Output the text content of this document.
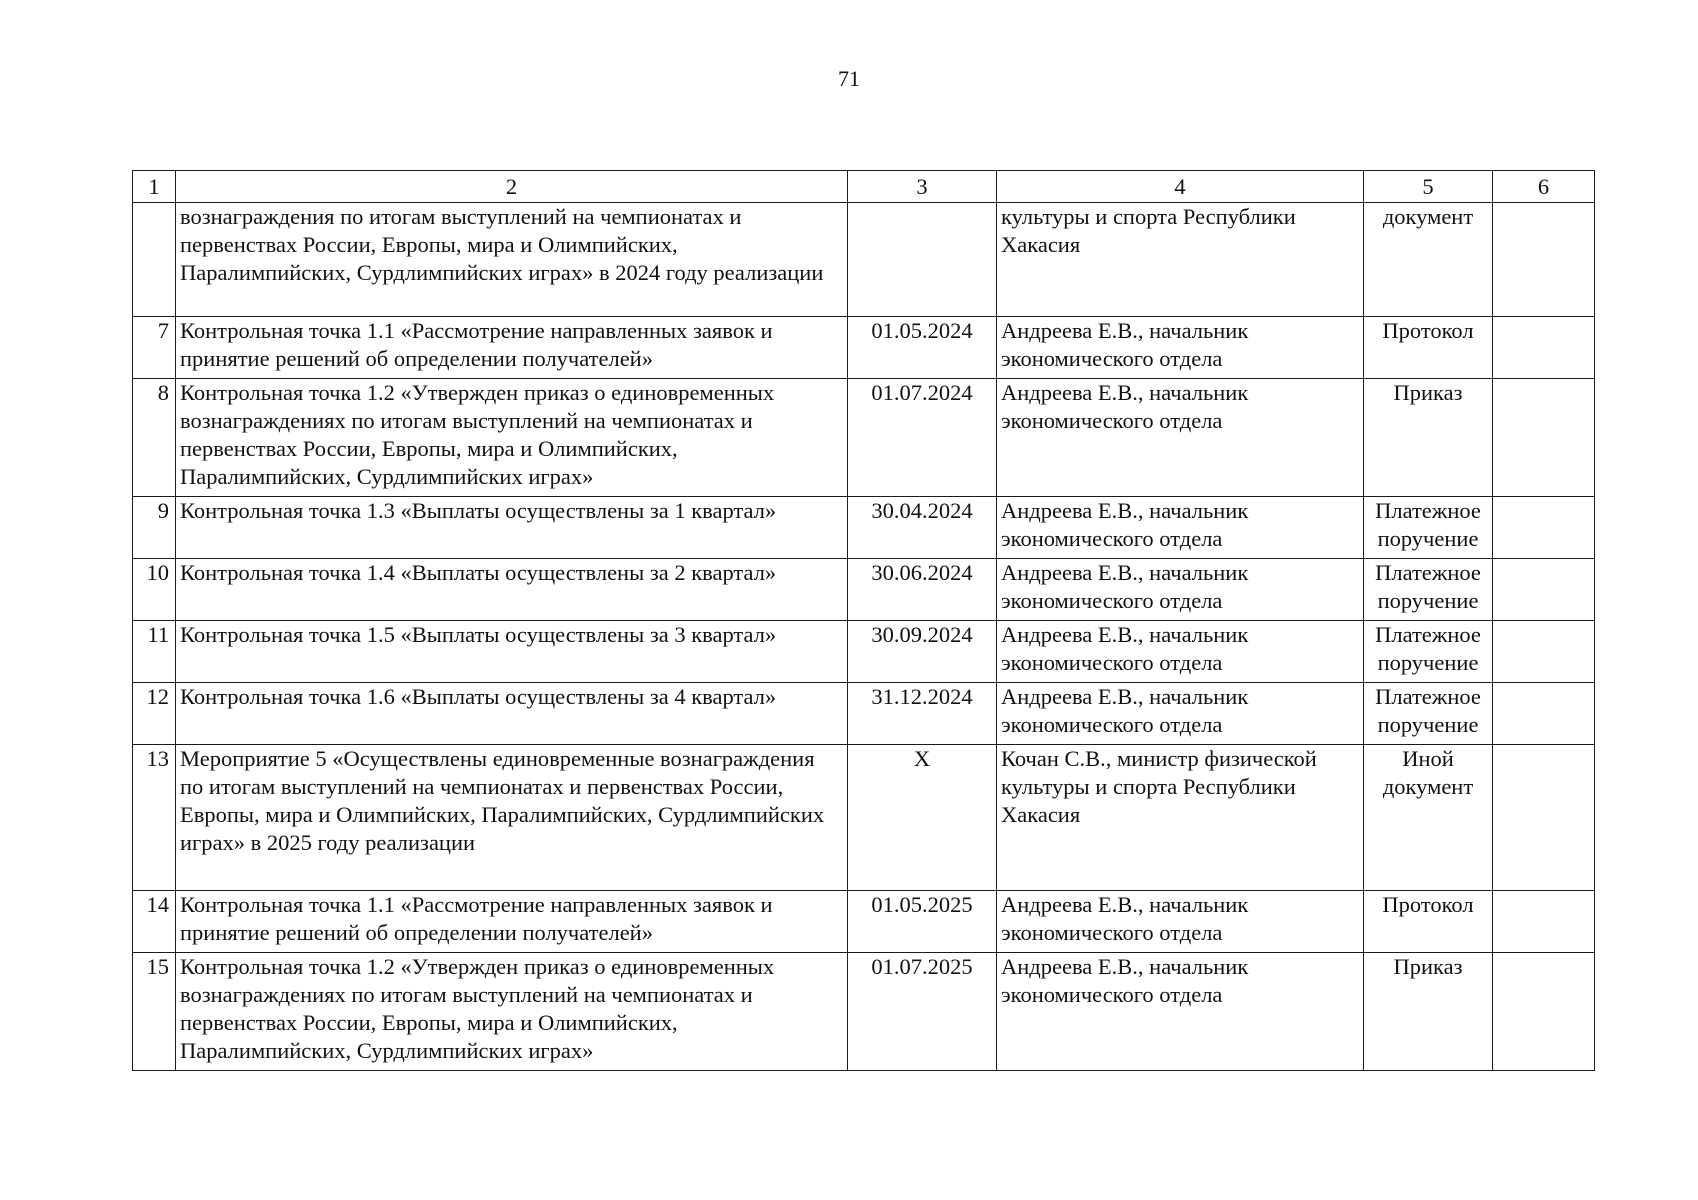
71
1	2	3	4	5	6
	вознаграждения по итогам выступлений на чемпионатах и первенствах России, Европы, мира и Олимпийских, Паралимпийских, Сурдлимпийских играх» в 2024 году реализации		культуры и спорта Республики Хакасия	документ	
7	Контрольная точка 1.1 «Рассмотрение направленных заявок и принятие решений об определении получателей»	01.05.2024	Андреева Е.В., начальник экономического отдела	Протокол	
8	Контрольная точка 1.2 «Утвержден приказ о единовременных вознаграждениях по итогам выступлений на чемпионатах и первенствах России, Европы, мира и Олимпийских, Паралимпийских, Сурдлимпийских играх»	01.07.2024	Андреева Е.В., начальник экономического отдела	Приказ	
9	Контрольная точка 1.3 «Выплаты осуществлены за 1 квартал»	30.04.2024	Андреева Е.В., начальник экономического отдела	Платежное поручение	
10	Контрольная точка 1.4 «Выплаты осуществлены за 2 квартал»	30.06.2024	Андреева Е.В., начальник экономического отдела	Платежное поручение	
11	Контрольная точка 1.5 «Выплаты осуществлены за 3 квартал»	30.09.2024	Андреева Е.В., начальник экономического отдела	Платежное поручение	
12	Контрольная точка 1.6 «Выплаты осуществлены за 4 квартал»	31.12.2024	Андреева Е.В., начальник экономического отдела	Платежное поручение	
13	Мероприятие 5 «Осуществлены единовременные вознаграждения по итогам выступлений на чемпионатах и первенствах России, Европы, мира и Олимпийских, Паралимпийских, Сурдлимпийских играх» в 2025 году реализации	X	Кочан С.В., министр физической культуры и спорта Республики Хакасия	Иной документ	
14	Контрольная точка 1.1 «Рассмотрение направленных заявок и принятие решений об определении получателей»	01.05.2025	Андреева Е.В., начальник экономического отдела	Протокол	
15	Контрольная точка 1.2 «Утвержден приказ о единовременных вознаграждениях по итогам выступлений на чемпионатах и первенствах России, Европы, мира и Олимпийских, Паралимпийских, Сурдлимпийских играх»	01.07.2025	Андреева Е.В., начальник экономического отдела	Приказ	
